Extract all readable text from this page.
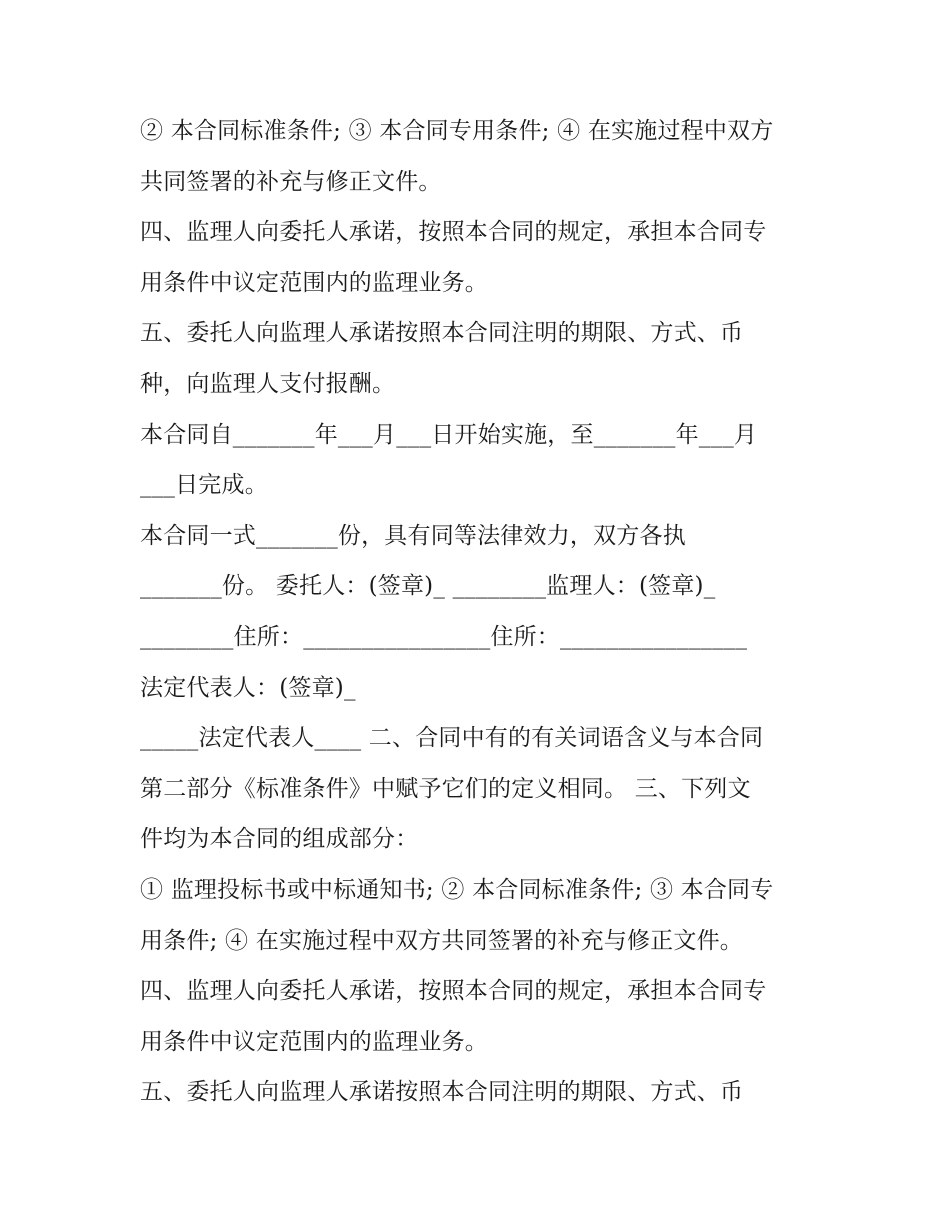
② 本合同标准条件; ③ 本合同专用条件; ④ 在实施过程中双方
共同签署的补充与修正文件。
四、监理人向委托人承诺，按照本合同的规定，承担本合同专
用条件中议定范围内的监理业务。
五、委托人向监理人承诺按照本合同注明的期限、方式、币
种，向监理人支付报酬。
本合同自_______年___月___日开始实施，至_______年___月
___日完成。
本合同一式_______份，具有同等法律效力，双方各执
_______份。 委托人：(签章)_ ________监理人：(签章)_
________住所：________________住所：________________
法定代表人：(签章)_
_____法定代表人____ 二、合同中有的有关词语含义与本合同
第二部分《标准条件》中赋予它们的定义相同。 三、下列文
件均为本合同的组成部分：
① 监理投标书或中标通知书; ② 本合同标准条件; ③ 本合同专
用条件; ④ 在实施过程中双方共同签署的补充与修正文件。
四、监理人向委托人承诺，按照本合同的规定，承担本合同专
用条件中议定范围内的监理业务。
五、委托人向监理人承诺按照本合同注明的期限、方式、币
